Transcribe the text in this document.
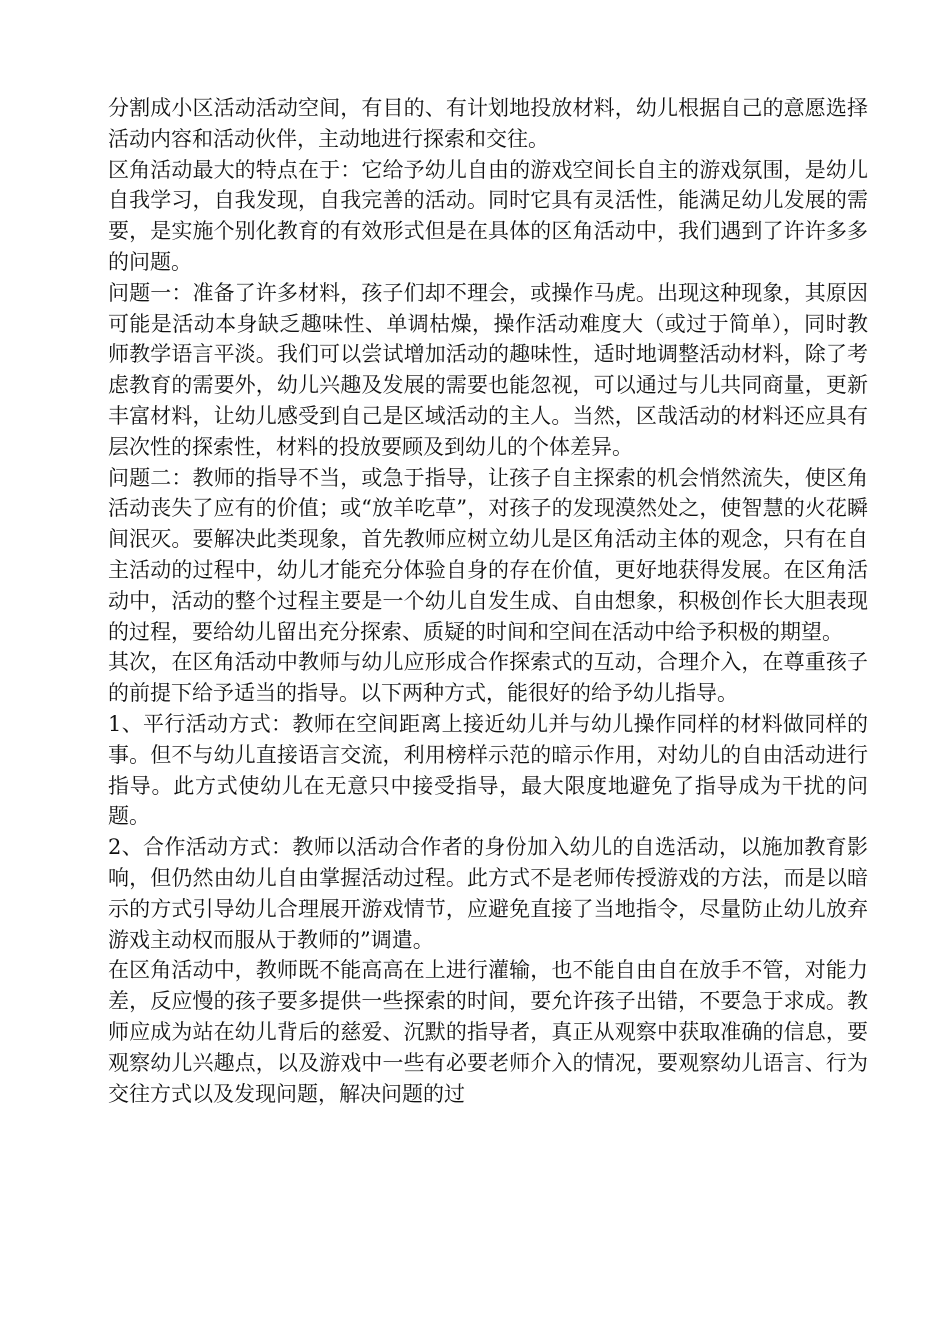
分割成小区活动活动空间，有目的、有计划地投放材料，幼儿根据自己的意愿选择活动内容和活动伙伴，主动地进行探索和交往。

区角活动最大的特点在于：它给予幼儿自由的游戏空间长自主的游戏氛围，是幼儿自我学习，自我发现，自我完善的活动。同时它具有灵活性，能满足幼儿发展的需要，是实施个别化教育的有效形式但是在具体的区角活动中，我们遇到了许许多多的问题。

问题一：准备了许多材料，孩子们却不理会，或操作马虎。出现这种现象，其原因可能是活动本身缺乏趣味性、单调枯燥，操作活动难度大（或过于简单），同时教师教学语言平淡。我们可以尝试增加活动的趣味性，适时地调整活动材料，除了考虑教育的需要外，幼儿兴趣及发展的需要也能忽视，可以通过与儿共同商量，更新丰富材料，让幼儿感受到自己是区域活动的主人。当然，区哉活动的材料还应具有层次性的探索性，材料的投放要顾及到幼儿的个体差异。

问题二：教师的指导不当，或急于指导，让孩子自主探索的机会悄然流失，使区角活动丧失了应有的价值；或“放羊吃草”，对孩子的发现漠然处之，使智慧的火花瞬间泯灭。要解决此类现象，首先教师应树立幼儿是区角活动主体的观念，只有在自主活动的过程中，幼儿才能充分体验自身的存在价值，更好地获得发展。在区角活动中，活动的整个过程主要是一个幼儿自发生成、自由想象，积极创作长大胆表现的过程，要给幼儿留出充分探索、质疑的时间和空间在活动中给予积极的期望。

其次，在区角活动中教师与幼儿应形成合作探索式的互动，合理介入，在尊重孩子的前提下给予适当的指导。以下两种方式，能很好的给予幼儿指导。

1、平行活动方式：教师在空间距离上接近幼儿并与幼儿操作同样的材料做同样的事。但不与幼儿直接语言交流，利用榜样示范的暗示作用，对幼儿的自由活动进行指导。此方式使幼儿在无意只中接受指导，最大限度地避免了指导成为干扰的问题。

2、合作活动方式：教师以活动合作者的身份加入幼儿的自选活动，以施加教育影响，但仍然由幼儿自由掌握活动过程。此方式不是老师传授游戏的方法，而是以暗示的方式引导幼儿合理展开游戏情节，应避免直接了当地指令，尽量防止幼儿放弃游戏主动权而服从于教师的”调遣。

在区角活动中，教师既不能高高在上进行灌输，也不能自由自在放手不管，对能力差，反应慢的孩子要多提供一些探索的时间，要允许孩子出错，不要急于求成。教师应成为站在幼儿背后的慈爱、沉默的指导者，真正从观察中获取准确的信息，要观察幼儿兴趣点，以及游戏中一些有必要老师介入的情况，要观察幼儿语言、行为交往方式以及发现问题，解决问题的过
